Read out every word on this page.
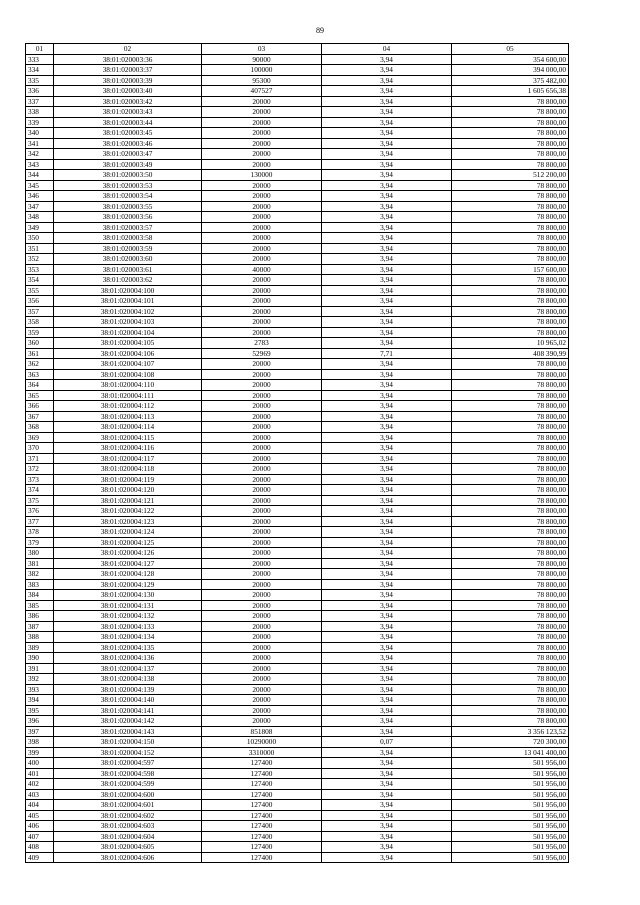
89
01	02	03	04	05
333	38:01:020003:36	90000	3,94	354 600,00
334	38:01:020003:37	100000	3,94	394 000,00
335	38:01:020003:39	95300	3,94	375 482,00
336	38:01:020003:40	407527	3,94	1 605 656,38
337	38:01:020003:42	20000	3,94	78 800,00
338	38:01:020003:43	20000	3,94	78 800,00
339	38:01:020003:44	20000	3,94	78 800,00
340	38:01:020003:45	20000	3,94	78 800,00
341	38:01:020003:46	20000	3,94	78 800,00
342	38:01:020003:47	20000	3,94	78 800,00
343	38:01:020003:49	20000	3,94	78 800,00
344	38:01:020003:50	130000	3,94	512 200,00
345	38:01:020003:53	20000	3,94	78 800,00
346	38:01:020003:54	20000	3,94	78 800,00
347	38:01:020003:55	20000	3,94	78 800,00
348	38:01:020003:56	20000	3,94	78 800,00
349	38:01:020003:57	20000	3,94	78 800,00
350	38:01:020003:58	20000	3,94	78 800,00
351	38:01:020003:59	20000	3,94	78 800,00
352	38:01:020003:60	20000	3,94	78 800,00
353	38:01:020003:61	40000	3,94	157 600,00
354	38:01:020003:62	20000	3,94	78 800,00
355	38:01:020004:100	20000	3,94	78 800,00
356	38:01:020004:101	20000	3,94	78 800,00
357	38:01:020004:102	20000	3,94	78 800,00
358	38:01:020004:103	20000	3,94	78 800,00
359	38:01:020004:104	20000	3,94	78 800,00
360	38:01:020004:105	2783	3,94	10 965,02
361	38:01:020004:106	52969	7,71	408 390,99
362	38:01:020004:107	20000	3,94	78 800,00
363	38:01:020004:108	20000	3,94	78 800,00
364	38:01:020004:110	20000	3,94	78 800,00
365	38:01:020004:111	20000	3,94	78 800,00
366	38:01:020004:112	20000	3,94	78 800,00
367	38:01:020004:113	20000	3,94	78 800,00
368	38:01:020004:114	20000	3,94	78 800,00
369	38:01:020004:115	20000	3,94	78 800,00
370	38:01:020004:116	20000	3,94	78 800,00
371	38:01:020004:117	20000	3,94	78 800,00
372	38:01:020004:118	20000	3,94	78 800,00
373	38:01:020004:119	20000	3,94	78 800,00
374	38:01:020004:120	20000	3,94	78 800,00
375	38:01:020004:121	20000	3,94	78 800,00
376	38:01:020004:122	20000	3,94	78 800,00
377	38:01:020004:123	20000	3,94	78 800,00
378	38:01:020004:124	20000	3,94	78 800,00
379	38:01:020004:125	20000	3,94	78 800,00
380	38:01:020004:126	20000	3,94	78 800,00
381	38:01:020004:127	20000	3,94	78 800,00
382	38:01:020004:128	20000	3,94	78 800,00
383	38:01:020004:129	20000	3,94	78 800,00
384	38:01:020004:130	20000	3,94	78 800,00
385	38:01:020004:131	20000	3,94	78 800,00
386	38:01:020004:132	20000	3,94	78 800,00
387	38:01:020004:133	20000	3,94	78 800,00
388	38:01:020004:134	20000	3,94	78 800,00
389	38:01:020004:135	20000	3,94	78 800,00
390	38:01:020004:136	20000	3,94	78 800,00
391	38:01:020004:137	20000	3,94	78 800,00
392	38:01:020004:138	20000	3,94	78 800,00
393	38:01:020004:139	20000	3,94	78 800,00
394	38:01:020004:140	20000	3,94	78 800,00
395	38:01:020004:141	20000	3,94	78 800,00
396	38:01:020004:142	20000	3,94	78 800,00
397	38:01:020004:143	851808	3,94	3 356 123,52
398	38:01:020004:150	10290000	0,07	720 300,00
399	38:01:020004:152	3310000	3,94	13 041 400,00
400	38:01:020004:597	127400	3,94	501 956,00
401	38:01:020004:598	127400	3,94	501 956,00
402	38:01:020004:599	127400	3,94	501 956,00
403	38:01:020004:600	127400	3,94	501 956,00
404	38:01:020004:601	127400	3,94	501 956,00
405	38:01:020004:602	127400	3,94	501 956,00
406	38:01:020004:603	127400	3,94	501 956,00
407	38:01:020004:604	127400	3,94	501 956,00
408	38:01:020004:605	127400	3,94	501 956,00
409	38:01:020004:606	127400	3,94	501 956,00
